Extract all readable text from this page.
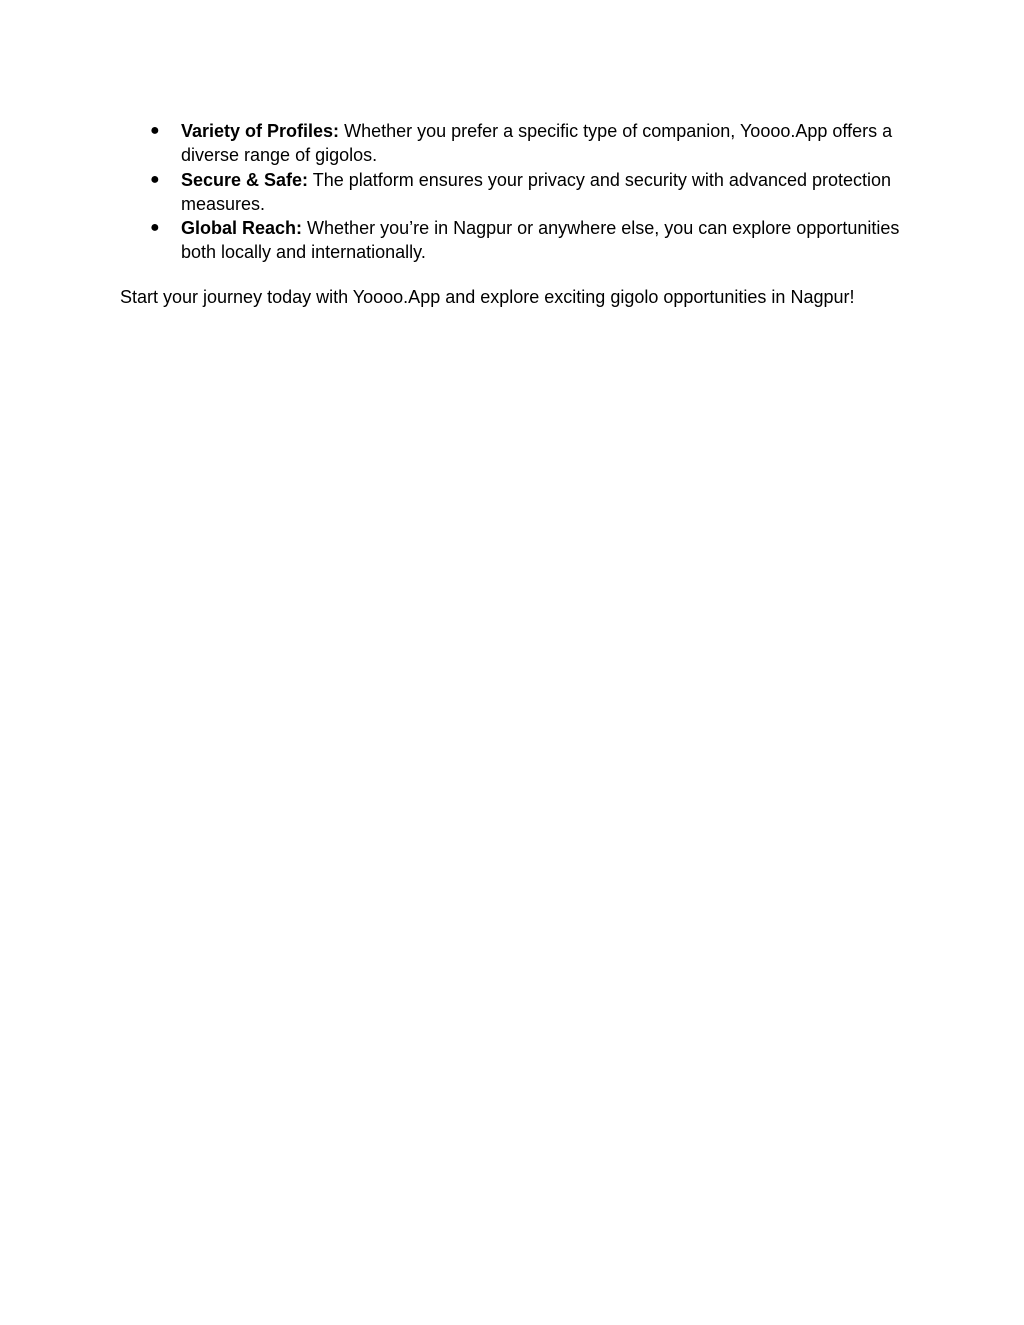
● Variety of Profiles: Whether you prefer a specific type of companion, Yoooo.App offers a diverse range of gigolos.
● Secure & Safe: The platform ensures your privacy and security with advanced protection measures.
● Global Reach: Whether you’re in Nagpur or anywhere else, you can explore opportunities both locally and internationally.

Start your journey today with Yoooo.App and explore exciting gigolo opportunities in Nagpur!
